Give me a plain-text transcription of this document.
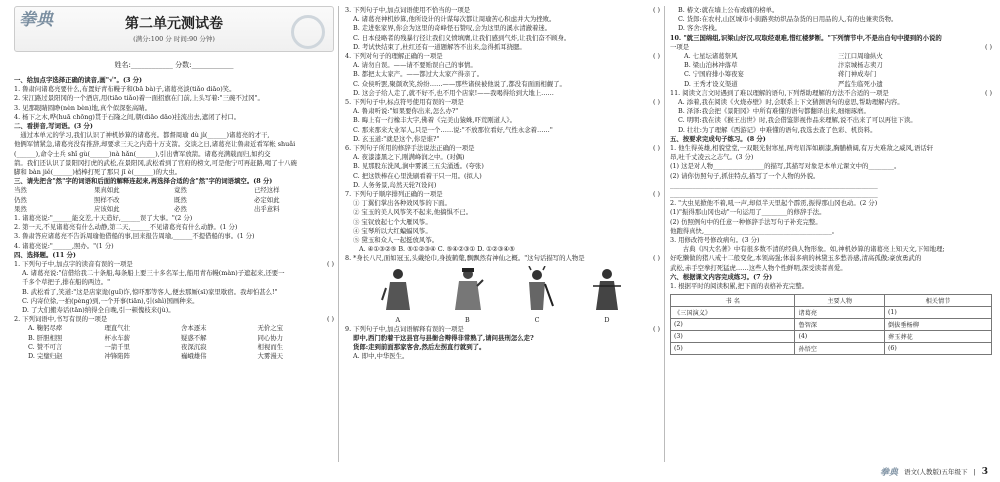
拳典	第二单元测试卷
(满分:100 分 时间:90 分钟)
姓名:____________ 分数:____________
一、给加点字选择正确的读音,画"√"。(3 分)
1. 鲁肃问诸葛亮要什么,布置好青布幔子和(bā bà)子,诸葛亮淡(tiǎo diāo)笑。
2. 宋江路过景阳冈的一个酒店,用(tiāo tiǎo)着一面招旗在门前,上头写着:"三碗不过冈"。
3. 见那眼睛圆睁(nèn bèn)地,真个似深张高睛。
4. 杨下之木,哗(huā chōng)贯于石隆之间,朝(diāo dāo)挂流出去,遮闭了村口。
二、看拼音,写词语。(3 分)
　通过本单元的学习,我们认识了神机妙算的诸葛亮。都督周瑜 dù jì(______)诸葛亮的才干,
他俩军情紧急,诸葛亮没有推辞,却要求三天之内造十万支箭。交谈之日,诸葛亮让鲁肃近看军帐 shuǎi
(______),命令士兵 shǐ gù(______)nà hǎn(______),引出曹军放箭。诸葛亮满载而归,如约交
箭。我们还认识了景阳冈打虎的武松,在景阳冈,武松看到了官府的榜文,可是他宁可再赶路,喝了十八碗
脚和 bàn jiě(______)梢棒打死了那只 jī è(______)的大虫。
三、请先把含"然"字的词语和后面的解释连起来,再选择合适的含"然"字的词语填空。(8 分)
当然	果真如此	竟然	已经这样
仍然	照样不改	既然	必定如此
果然	应该如此	必然	出乎意料
1. 诸葛亮说:"______能交差,十天造好,______误了大事。"(2 分)
2. 第一天,不见诸葛亮有什么动静,第二天,______不见诸葛亮有什么动静。(1 分)
3. 鲁肃答应诸葛亮不告诉周瑜他借船的事,回来报告周瑜,______不提借船的事。(1 分)
4. 诸葛亮说:"______,照办。"(1 分)
四、选择题。(11 分)
1. 下列句子中,加点字的读音有误的一项是	( )
A. 诸葛亮说:"信借给我二十条船,每条船上要三十多名军士,船用青布幔(màn)子遮起来,还要一
千多个草把子,排在船的两边。"
B. 武松看了,笑道:"这是店家诡(guǐ)诈,惊吓那等客人,便去那厮(sī)家里歇宿。我却怕甚么!"
C. 内寄位徐,一拍(pèng)到,一个开事(tiān),引(shì)国画种来。
D. 了大们搬寿话(tān)纳得全自晚,引一顿傀枝来(jù)。
2. 下列词语中,书写有误的一项是	( )
A. 鞠躬尽瘁	理直气壮	舍本逐末	无价之宝
B. 肝胆相照	杯水车薪	疑惑不解	同心协力
C. 赞不可言	一箭千里	夜深沉寂	相视而生
D. 完璧归赵	冲锋陷阵	巍峨雄伟	大雾漫天
3. 下列句子中,加点词语使用不恰当的一项是	( )
A. 诸葛亮神机妙算,他所设计的计谋每次都让周瑜苦心积虑并大为挫败。
B. 走进张家界,你会为这里的奇峰怪石赞叹,会为这里的溪水清澈着迷。
C. 日本侵略者的残暴行径让我们义愤填膺,让我们感到气炸,让我们奋不顾身。
D. 考试快结束了,杜红还有一道题解答不出来,急得抓耳挠腮。
4. 下列对句子的理解正确的一项是	( )
A. 请勿自误。——请不要贻误自己的事情。
B. 都把太太家产。——都过大太家产得亲了。
C. 众侯听罢,聚颜欢笑,纷纷……——那些诸侯被他说了,都没有面面相觑了。
D. 这会子给人走了,就不好不,也不用个店家!——我喝得给到大地上……
5. 下列句子中,标点符号使用有误的一项是	( )
A. 鲁肃听说:"如果要你出来,怎么办?"
B. 晦上有一行橡丰大字,佛着《完美山猿蛛,吓荒刚道人》。
C. 那来那来大业军人,只是一个……说:"不放那位看好,气性永念着……"
D. 玄玉道:"就是这个,你是谁?"
6. 下列句子所用的修辞手法说法正确的一项是	( )
A. 夜漆漆黑之下,刚满峰润之中。(对偶)
B. 见那股东洗风,涧中雾溪三五尖涌透。(夸张)
C. 把这铁棒在心里洗刷看着干只一用。(拟人)
D. 人务务景,岛然天轮?(设问)
7. 下列句子顺序排列正确的一项是	( )
① 丁翼们掌出各种效风筝的下面。
② 宝玉的美人风筝笑不起来,他搞惧不已。
③ 宝钗放起七个大雁风筝。
④ 宝琴所以大红蝙蝠风筝。
⑤ 黛玉和众人一起挺放风筝。
A. ④①③②⑤ B. ⑤①②③④ C. ⑤④②③① D. ①②③④⑤
8. *身长八尺,面如冠玉,头戴纶巾,身披鹤氅,飘飘然有神仙之概。"这句话描写的人物是	( )
A	B	C	D
9. 下列句子中,加点词语解释有误的一项是	( )
即中,西门豹着干这县官与县衙合辩得非常熟了,请问县刑怎么走?
货郎:走到前面那家客舍,然后左拐直行就到了。
A. 即中,中华医生。
B. 椿文:就在墙上公布或痛的榜单。
C. 货郎:在农村,山区城市小街路卖纺织品杂货的日用品的人,有的也兼卖货物。
D. 客舍:客栈。
10. "就三国绵组,识梁山好汉,叹取经艰难,惜红楼梦断。"下列情节中,不是出自句中提到的小说的
一项是	( )
A. 七星坛诸葛祭风	三江口周瑜纵火
B. 梁山泊林冲落草	汴京城杨志卖刀
C. 宁国府排小筹夜宴	蒋门神成寿门
D. 王秀才设义渠道	严监生临死小遗
11. 阅读文言文时遇到了难以理解的语句,下列帮助理解的方法不合适的一项是	( )
A. 添着,我在阅读《火烧赤壁》时,会联系上下文猜测语句的意思,帮助理解内容。
B. 泽泽:我会把《景阳冈》中所有难懂的语句都翻译出来,细细琢磨。
C. 明明:我在读《猴王出世》时,我会借鉴影视作品来理解,说不出来了可以再往下读。
D. 壮壮:为了理解《西游记》中难懂的语句,我选去查了色彩、机资料。
五、按要求完成句子练习。(8 分)
1. 他生得英雄,相貌堂堂,一双眼光射寒星,两弯眉浑如刷漆,胸脯横阔,有万夫难敌之威风,语话轩
昂,吐千丈凌云之志气。(3 分)
(1) 这是对人物________________的描写,其描写对象是本单元课文中的________。
(2) 请你仿照句子,抓住特点,描写了一个人物的外貌。
_________________________________________________________________
_________________________________________________________________
2. "大虫见掀他不着,吼一声,却似半天里起个霹雳,振得那山冈也动。(2 分)
(1)"振得那山冈也动"一句运用了________的修辞手法。
(2) 仿照例句中的任意一种修辞手法写句子补充完整。
他跑得真快,________________________________________。
3. 用修改符号修改病句。(3 分)
　　古典《四大名著》中有很多数不清的经典人物形象。如,神机妙算的诸葛亮上知天文,下知地理;
好吃懒做的猪八戒十二般变化,本领高强;体弱多病的林黛玉多愁善感,清高孤傲;豪放勇武的
武松,赤手空拳打死猛虎……这些人物个性鲜明,深受读者喜爱。
六、根据课文内容完成练习。(7 分)
1. 根据平时的阅读积累,把下面的表格补充完整。
书 名	主要人物	相关情节
《三国演义》	诸葛亮	(1)
(2)	鲁智深	倒拔垂杨柳
(3)	(4)	葬玉葬花
(5)	孙悟空	(6)
拳典 语文(人教版)五年级下 | 3
